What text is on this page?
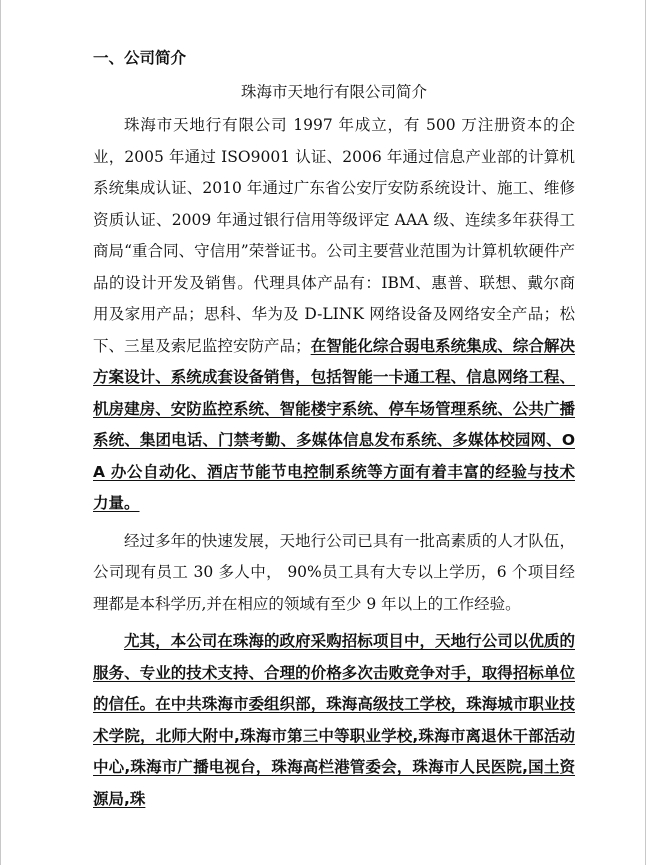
一、公司简介
珠海市天地行有限公司简介

珠海市天地行有限公司 1997 年成立，有 500 万注册资本的企业，2005 年通过 ISO9001 认证、2006 年通过信息产业部的计算机系统集成认证、2010 年通过广东省公安厅安防系统设计、施工、维修资质认证、2009 年通过银行信用等级评定 AAA 级、连续多年获得工商局“重合同、守信用”荣誉证书。公司主要营业范围为计算机软硬件产品的设计开发及销售。代理具体产品有：IBM、惠普、联想、戴尔商用及家用产品；思科、华为及 D-LINK 网络设备及网络安全产品；松下、三星及索尼监控安防产品；在智能化综合弱电系统集成、综合解决方案设计、系统成套设备销售，包括智能一卡通工程、信息网络工程、机房建房、安防监控系统、智能楼宇系统、停车场管理系统、公共广播系统、集团电话、门禁考勤、多媒体信息发布系统、多媒体校园网、OA 办公自动化、酒店节能节电控制系统等方面有着丰富的经验与技术力量。

经过多年的快速发展，天地行公司已具有一批高素质的人才队伍，公司现有员工 30 多人中， 90%员工具有大专以上学历，6 个项目经理都是本科学历,并在相应的领域有至少 9 年以上的工作经验。

尤其，本公司在珠海的政府采购招标项目中，天地行公司以优质的服务、专业的技术支持、合理的价格多次击败竞争对手，取得招标单位的信任。在中共珠海市委组织部，珠海高级技工学校，珠海城市职业技术学院，北师大附中,珠海市第三中等职业学校,珠海市离退休干部活动中心,珠海市广播电视台，珠海高栏港管委会，珠海市人民医院,国土资源局,珠
